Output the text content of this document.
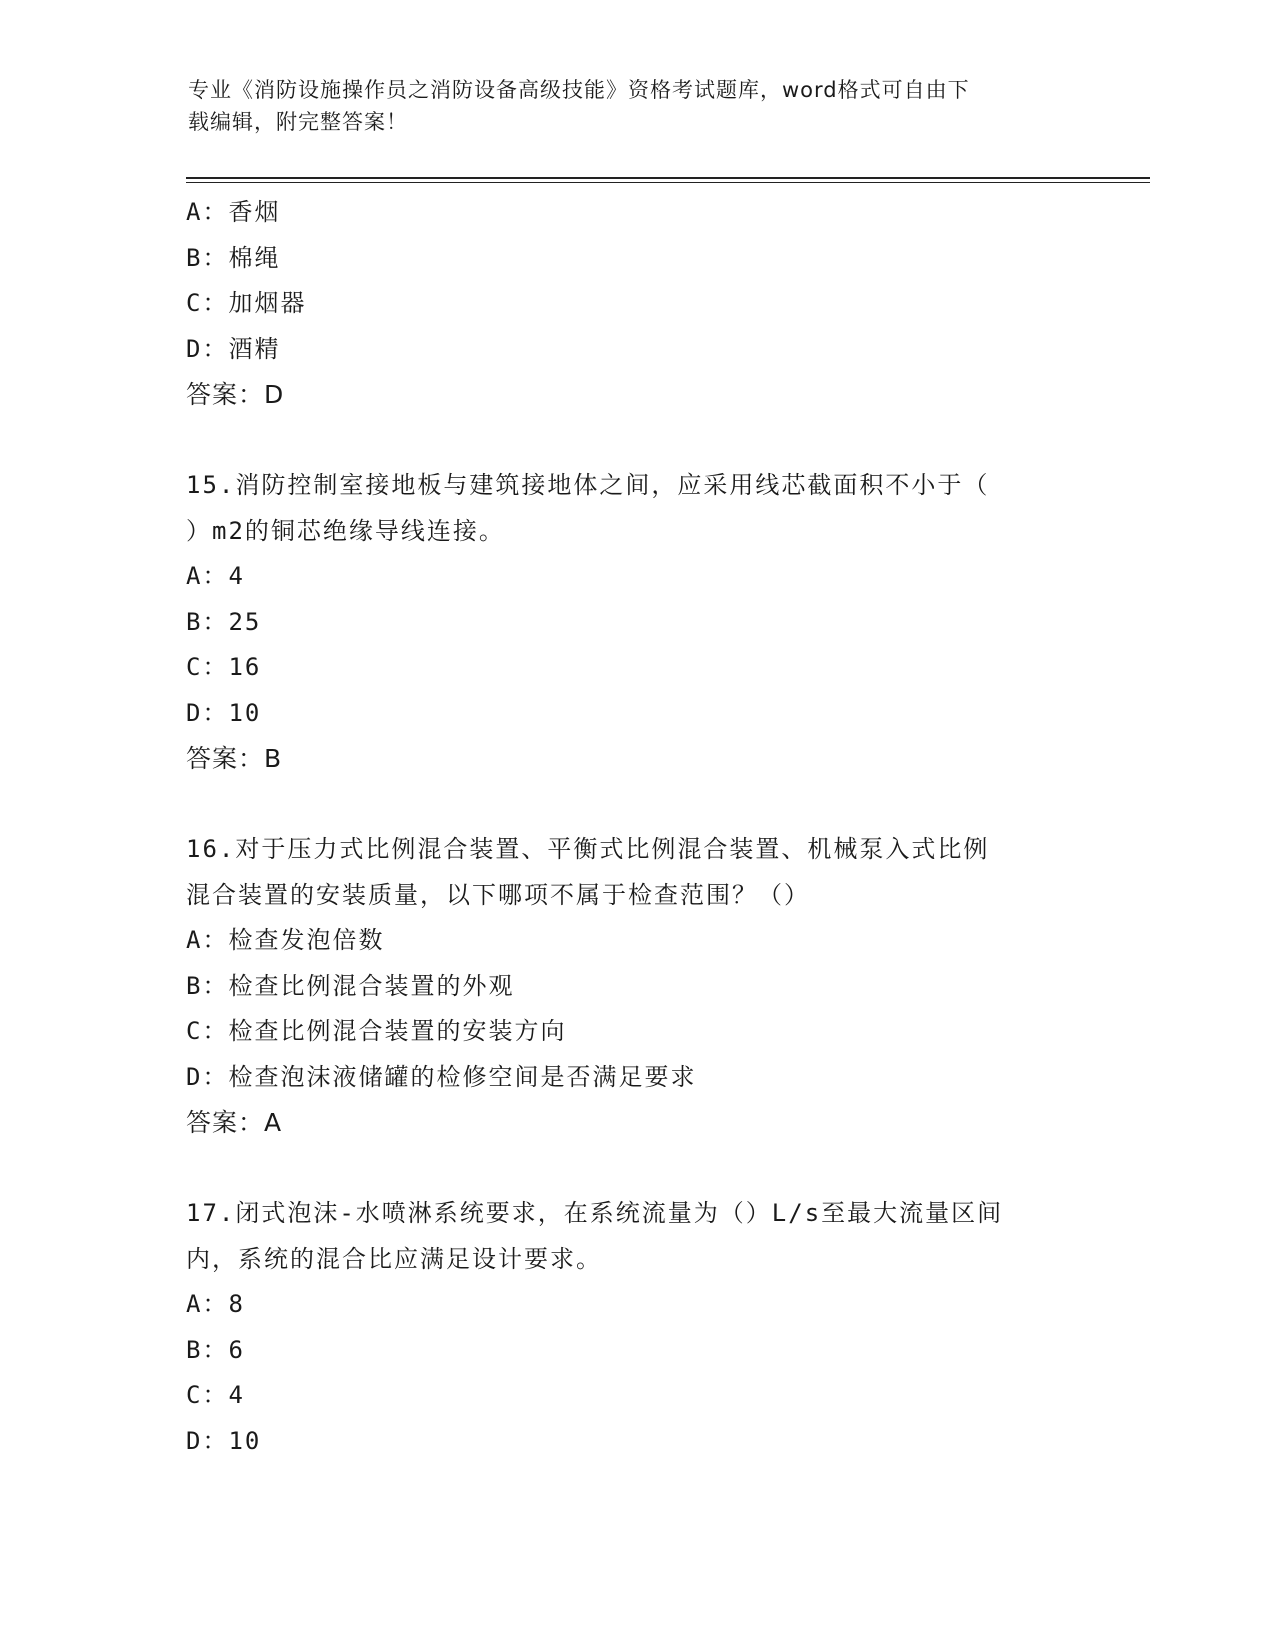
专业《消防设施操作员之消防设备高级技能》资格考试题库，word格式可自由下
载编辑，附完整答案！
A：香烟
B：棉绳
C：加烟器
D：酒精
答案：D
15.消防控制室接地板与建筑接地体之间，应采用线芯截面积不小于（
）m2的铜芯绝缘导线连接。
A：4
B：25
C：16
D：10
答案：B
16.对于压力式比例混合装置、平衡式比例混合装置、机械泵入式比例
混合装置的安装质量，以下哪项不属于检查范围？（）
A：检查发泡倍数
B：检查比例混合装置的外观
C：检查比例混合装置的安装方向
D：检查泡沫液储罐的检修空间是否满足要求
答案：A
17.闭式泡沫-水喷淋系统要求，在系统流量为（）L/s至最大流量区间
内，系统的混合比应满足设计要求。
A：8
B：6
C：4
D：10
